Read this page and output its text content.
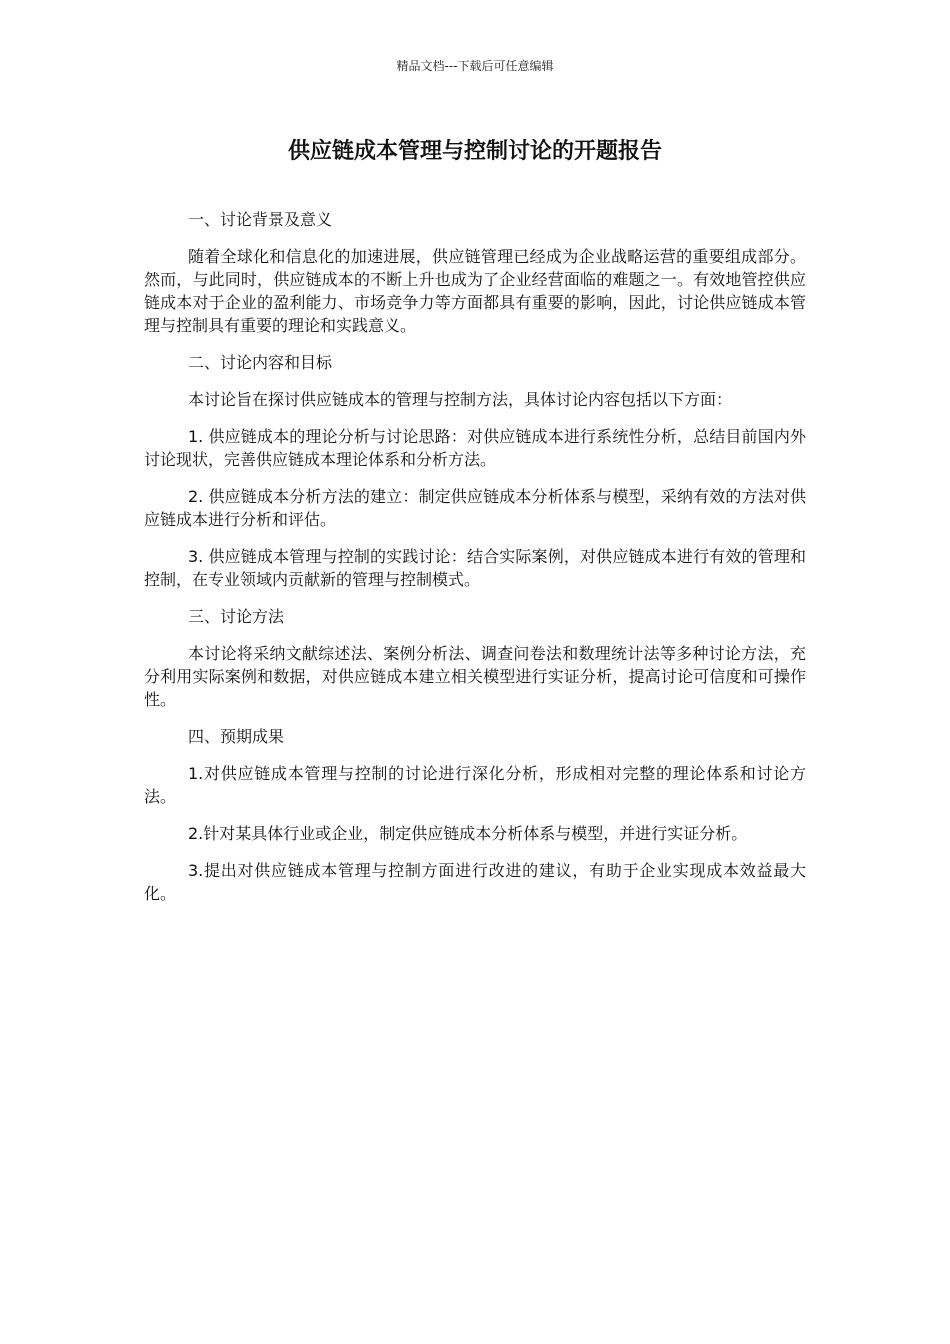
精品文档---下载后可任意编辑
供应链成本管理与控制讨论的开题报告
一、讨论背景及意义
随着全球化和信息化的加速进展，供应链管理已经成为企业战略运营的重要组成部分。然而，与此同时，供应链成本的不断上升也成为了企业经营面临的难题之一。有效地管控供应链成本对于企业的盈利能力、市场竞争力等方面都具有重要的影响，因此，讨论供应链成本管理与控制具有重要的理论和实践意义。
二、讨论内容和目标
本讨论旨在探讨供应链成本的管理与控制方法，具体讨论内容包括以下方面：
1. 供应链成本的理论分析与讨论思路：对供应链成本进行系统性分析，总结目前国内外讨论现状，完善供应链成本理论体系和分析方法。
2. 供应链成本分析方法的建立：制定供应链成本分析体系与模型，采纳有效的方法对供应链成本进行分析和评估。
3. 供应链成本管理与控制的实践讨论：结合实际案例，对供应链成本进行有效的管理和控制，在专业领域内贡献新的管理与控制模式。
三、讨论方法
本讨论将采纳文献综述法、案例分析法、调查问卷法和数理统计法等多种讨论方法，充分利用实际案例和数据，对供应链成本建立相关模型进行实证分析，提高讨论可信度和可操作性。
四、预期成果
1.对供应链成本管理与控制的讨论进行深化分析，形成相对完整的理论体系和讨论方法。
2.针对某具体行业或企业，制定供应链成本分析体系与模型，并进行实证分析。
3.提出对供应链成本管理与控制方面进行改进的建议，有助于企业实现成本效益最大化。
